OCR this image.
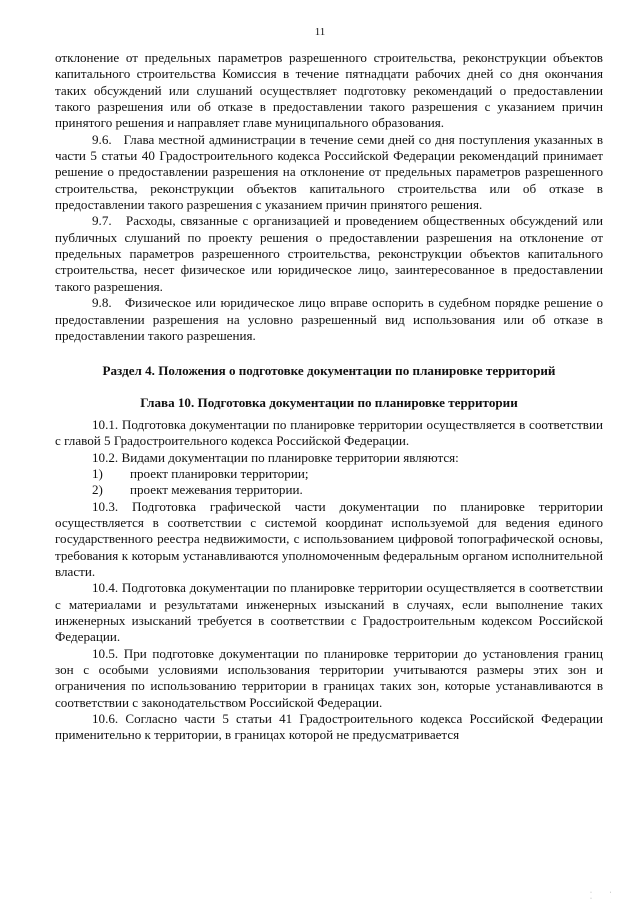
11

отклонение от предельных параметров разрешенного строительства, реконструкции объектов капитального строительства Комиссия в течение пятнадцати рабочих дней со дня окончания таких обсуждений или слушаний осуществляет подготовку рекомендаций о предоставлении такого разрешения или об отказе в предоставлении такого разрешения с указанием причин принятого решения и направляет главе муниципального образования.

9.6.   Глава местной администрации в течение семи дней со дня поступления указанных в части 5 статьи 40 Градостроительного кодекса Российской Федерации рекомендаций принимает решение о предоставлении разрешения на отклонение от предельных параметров разрешенного строительства, реконструкции объектов капитального строительства или об отказе в предоставлении такого разрешения с указанием причин принятого решения.

9.7.   Расходы, связанные с организацией и проведением общественных обсуждений или публичных слушаний по проекту решения о предоставлении разрешения на отклонение от предельных параметров разрешенного строительства, реконструкции объектов капитального строительства, несет физическое или юридическое лицо, заинтересованное в предоставлении такого разрешения.

9.8.   Физическое или юридическое лицо вправе оспорить в судебном порядке решение о предоставлении разрешения на условно разрешенный вид использования или об отказе в предоставлении такого разрешения.

Раздел 4. Положения о подготовке документации по планировке территорий

Глава 10. Подготовка документации по планировке территории

10.1. Подготовка документации по планировке территории осуществляется в соответствии с главой 5 Градостроительного кодекса Российской Федерации.

10.2. Видами документации по планировке территории являются:

1)	проект планировки территории;
2)	проект межевания территории.

10.3. Подготовка графической части документации по планировке территории осуществляется в соответствии с системой координат используемой для ведения единого государственного реестра недвижимости, с использованием цифровой топографической основы, требования к которым устанавливаются уполномоченным федеральным органом исполнительной власти.

10.4. Подготовка документации по планировке территории осуществляется в соответствии с материалами и результатами инженерных изысканий в случаях, если выполнение таких инженерных изысканий требуется в соответствии с Градостроительным кодексом Российской Федерации.

10.5. При подготовке документации по планировке территории до установления границ зон с особыми условиями использования территории учитываются размеры этих зон и ограничения по использованию территории в границах таких зон, которые устанавливаются в соответствии с законодательством Российской Федерации.

10.6. Согласно части 5 статьи 41 Градостроительного кодекса Российской Федерации применительно к территории, в границах которой не предусматривается

· · ·
